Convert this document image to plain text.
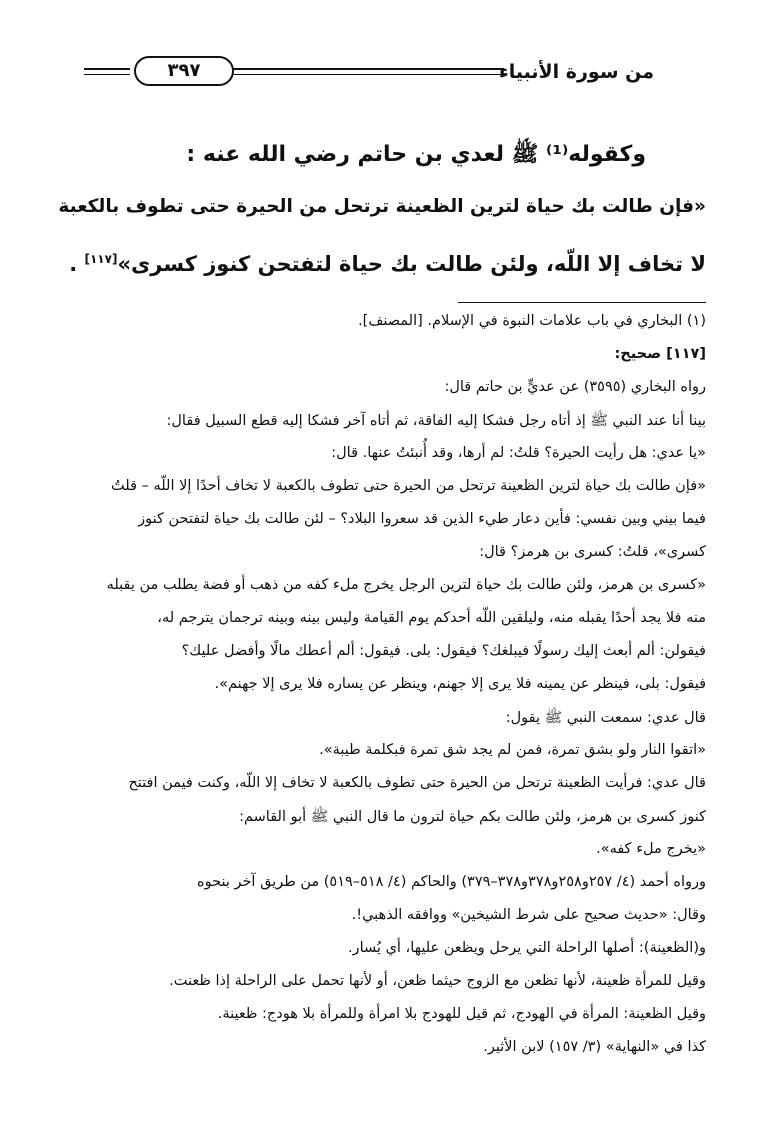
من سورة الأنبياء
٣٩٧
وكقوله⁽¹⁾ ﷺ لعدي بن حاتم رضي الله عنه :
«فإن طالت بك حياة لترين الظعينة ترتحل من الحيرة حتى تطوف بالكعبة
لا تخاف إلا اللّه، ولئن طالت بك حياة لتفتحن كنوز كسرى»[١١٧] .
(١) البخاري في باب علامات النبوة في الإسلام. [المصنف].
[١١٧] صحيح:
رواه البخاري (٣٥٩٥) عن عديٍّ بن حاتم قال:
بينا أنا عند النبي ﷺ إذ أتاه رجل فشكا إليه الفاقة، ثم أتاه آخر فشكا إليه قطع السبيل فقال:
«يا عدي: هل رأيت الحيرة؟ قلتُ: لم أرها، وقد أُنبئتُ عنها. قال:
«فإن طالت بك حياة لترين الظعينة ترتحل من الحيرة حتى تطوف بالكعبة لا تخاف أحدًا إلا اللّه – قلتُ
فيما بيني وبين نفسي: فأين دعار طيء الذين قد سعروا البلاد؟ – لئن طالت بك حياة لتفتحن كنوز
كسرى»، قلتُ: كسرى بن هرمز؟ قال:
«كسرى بن هرمز، ولئن طالت بك حياة لترين الرجل يخرج ملء كفه من ذهب أو فضة يطلب من يقبله
منه فلا يجد أحدًا يقبله منه، وليلقين اللّه أحدكم يوم القيامة وليس بينه وبينه ترجمان يترجم له،
فيقولن: ألم أبعث إليك رسولًا فيبلغك؟ فيقول: بلى. فيقول: ألم أعطك مالًا وأفضل عليك؟
فيقول: بلى، فينظر عن يمينه فلا يرى إلا جهنم، وينظر عن يساره فلا يرى إلا جهنم».
قال عدي: سمعت النبي ﷺ يقول:
«اتقوا النار ولو بشق تمرة، فمن لم يجد شق تمرة فبكلمة طيبة».
قال عدي: فرأيت الظعينة ترتحل من الحيرة حتى تطوف بالكعبة لا تخاف إلا اللّه، وكنت فيمن افتتح
كنوز كسرى بن هرمز، ولئن طالت بكم حياة لترون ما قال النبي ﷺ أبو القاسم:
«يخرج ملء كفه».
ورواه أحمد (٤/ ٢٥٧و٢٥٨و٣٧٨و٣٧٨–٣٧٩) والحاكم (٤/ ٥١٨–٥١٩) من طريق آخر بنحوه
وقال: «حديث صحيح على شرط الشيخين» ووافقه الذهبي!.
و(الظعينة): أصلها الراحلة التي يرحل ويظعن عليها، أي يُسار.
وقيل للمرأة ظعينة، لأنها تظعن مع الزوج حيثما ظعن، أو لأنها تحمل على الراحلة إذا ظعنت.
وقيل الظعينة: المرأة في الهودج، ثم قيل للهودج بلا امرأة وللمرأة بلا هودج: ظعينة.
كذا في «النهاية» (٣/ ١٥٧) لابن الأثير.
